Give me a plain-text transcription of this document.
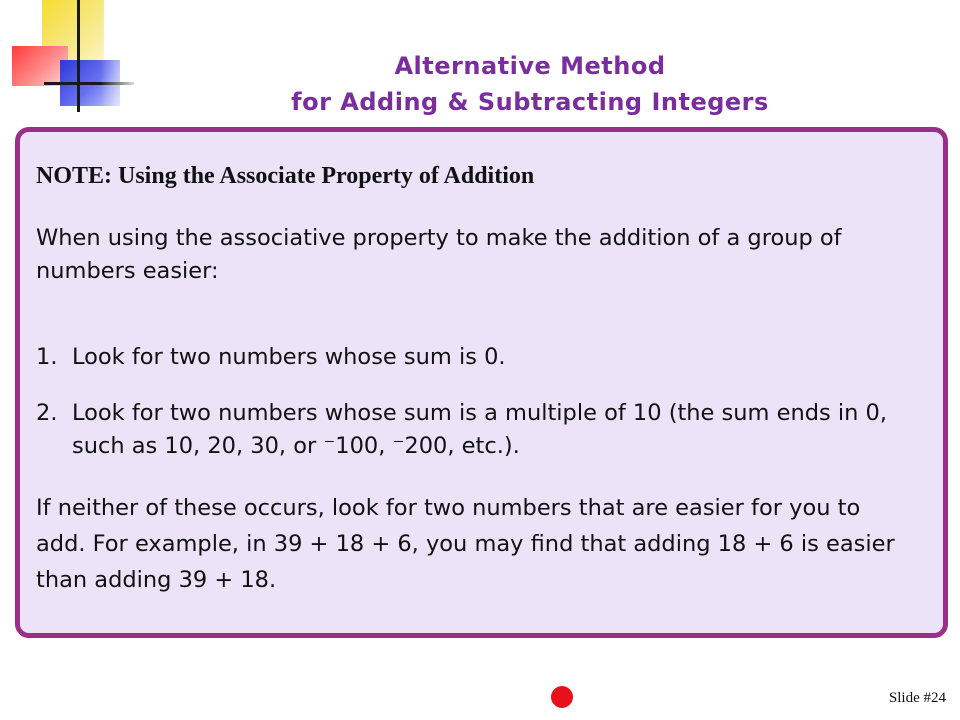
Alternative Method
for Adding & Subtracting Integers
NOTE: Using the Associate Property of Addition
When using the associative property to make the addition of a group of numbers easier:
1. Look for two numbers whose sum is 0.
2. Look for two numbers whose sum is a multiple of 10 (the sum ends in 0, such as 10, 20, 30, or ⁻100, ⁻200, etc.).
If neither of these occurs, look for two numbers that are easier for you to add. For example, in 39 + 18 + 6, you may find that adding 18 + 6 is easier than adding 39 + 18.
Slide #24
